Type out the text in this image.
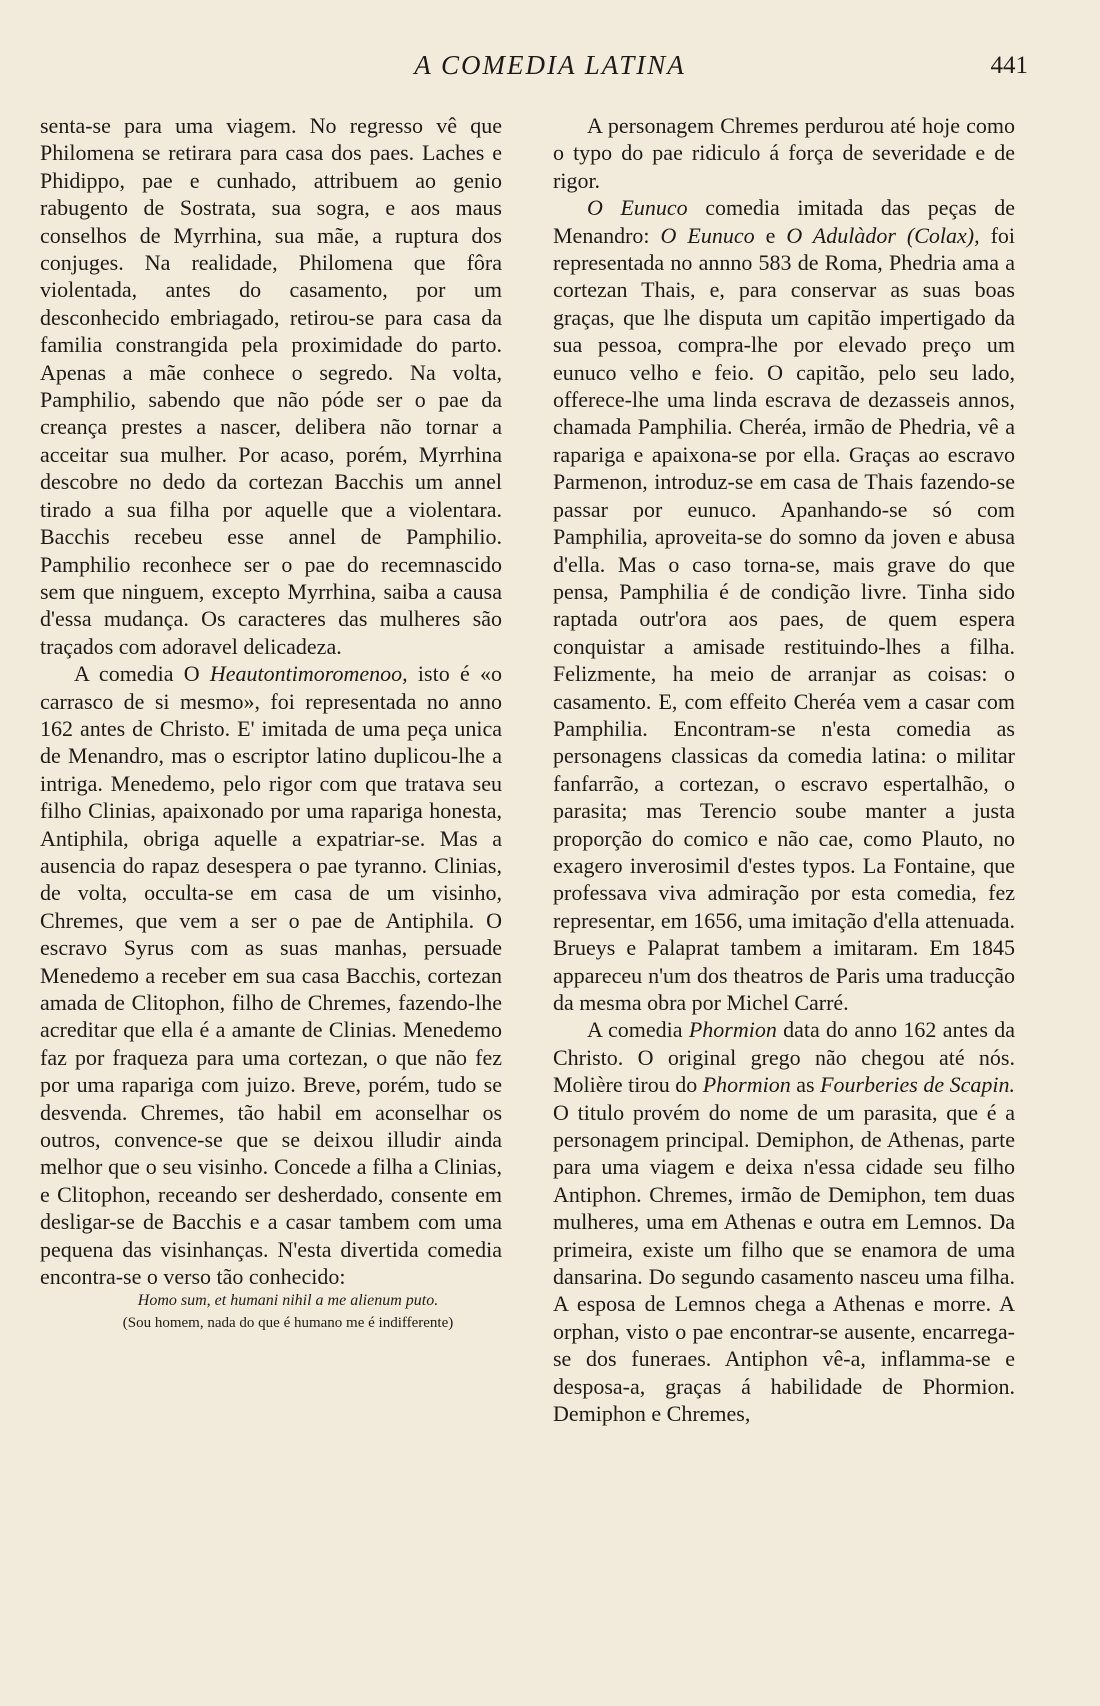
A COMEDIA LATINA	441

senta-se para uma viagem. No regresso vê que Philomena se retirara para casa dos paes. Laches e Phidippo, pae e cunhado, attribuem ao genio rabugento de Sostrata, sua sogra, e aos maus conselhos de Myrrhina, sua mãe, a ruptura dos conjuges. Na realidade, Philomena que fôra violentada, antes do casamento, por um desconhecido embriagado, retirou-se para casa da familia constrangida pela proximidade do parto. Apenas a mãe conhece o segredo. Na volta, Pamphilio, sabendo que não póde ser o pae da creança prestes a nascer, delibera não tornar a acceitar sua mulher. Por acaso, porém, Myrrhina descobre no dedo da cortezan Bacchis um annel tirado a sua filha por aquelle que a violentara. Bacchis recebeu esse annel de Pamphilio. Pamphilio reconhece ser o pae do recemnascido sem que ninguem, excepto Myrrhina, saiba a causa d'essa mudança. Os caracteres das mulheres são traçados com adoravel delicadeza.

A comedia O Heautontimoromenoo, isto é «o carrasco de si mesmo», foi representada no anno 162 antes de Christo. E' imitada de uma peça unica de Menandro, mas o escriptor latino duplicou-lhe a intriga. Menedemo, pelo rigor com que tratava seu filho Clinias, apaixonado por uma rapariga honesta, Antiphila, obriga aquelle a expatriar-se. Mas a ausencia do rapaz desespera o pae tyranno. Clinias, de volta, occulta-se em casa de um visinho, Chremes, que vem a ser o pae de Antiphila. O escravo Syrus com as suas manhas, persuade Menedemo a receber em sua casa Bacchis, cortezan amada de Clitophon, filho de Chremes, fazendo-lhe acreditar que ella é a amante de Clinias. Menedemo faz por fraqueza para uma cortezan, o que não fez por uma rapariga com juizo. Breve, porém, tudo se desvenda. Chremes, tão habil em aconselhar os outros, convence-se que se deixou illudir ainda melhor que o seu visinho. Concede a filha a Clinias, e Clitophon, receando ser desherdado, consente em desligar-se de Bacchis e a casar tambem com uma pequena das visinhanças. N'esta divertida comedia encontra-se o verso tão conhecido:

Homo sum, et humani nihil a me alienum puto.

(Sou homem, nada do que é humano me é indifferente)

A personagem Chremes perdurou até hoje como o typo do pae ridiculo á força de severidade e de rigor.

O Eunuco comedia imitada das peças de Menandro: O Eunuco e O Adulàdor (Colax), foi representada no annno 583 de Roma, Phedria ama a cortezan Thais, e, para conservar as suas boas graças, que lhe disputa um capitão impertigado da sua pessoa, compra-lhe por elevado preço um eunuco velho e feio. O capitão, pelo seu lado, offerece-lhe uma linda escrava de dezasseis annos, chamada Pamphilia. Cheréa, irmão de Phedria, vê a rapariga e apaixona-se por ella. Graças ao escravo Parmenon, introduz-se em casa de Thais fazendo-se passar por eunuco. Apanhando-se só com Pamphilia, aproveita-se do somno da joven e abusa d'ella. Mas o caso torna-se, mais grave do que pensa, Pamphilia é de condição livre. Tinha sido raptada outr'ora aos paes, de quem espera conquistar a amisade restituindo-lhes a filha. Felizmente, ha meio de arranjar as coisas: o casamento. E, com effeito Cheréa vem a casar com Pamphilia. Encontram-se n'esta comedia as personagens classicas da comedia latina: o militar fanfarrão, a cortezan, o escravo espertalhão, o parasita; mas Terencio soube manter a justa proporção do comico e não cae, como Plauto, no exagero inverosimil d'estes typos. La Fontaine, que professava viva admiração por esta comedia, fez representar, em 1656, uma imitação d'ella attenuada. Brueys e Palaprat tambem a imitaram. Em 1845 appareceu n'um dos theatros de Paris uma traducção da mesma obra por Michel Carré.

A comedia Phormion data do anno 162 antes da Christo. O original grego não chegou até nós. Molière tirou do Phormion as Fourberies de Scapin. O titulo provém do nome de um parasita, que é a personagem principal. Demiphon, de Athenas, parte para uma viagem e deixa n'essa cidade seu filho Antiphon. Chremes, irmão de Demiphon, tem duas mulheres, uma em Athenas e outra em Lemnos. Da primeira, existe um filho que se enamora de uma dansarina. Do segundo casamento nasceu uma filha. A esposa de Lemnos chega a Athenas e morre. A orphan, visto o pae encontrar-se ausente, encarrega-se dos funeraes. Antiphon vê-a, inflamma-se e desposa-a, graças á habilidade de Phormion. Demiphon e Chremes,
